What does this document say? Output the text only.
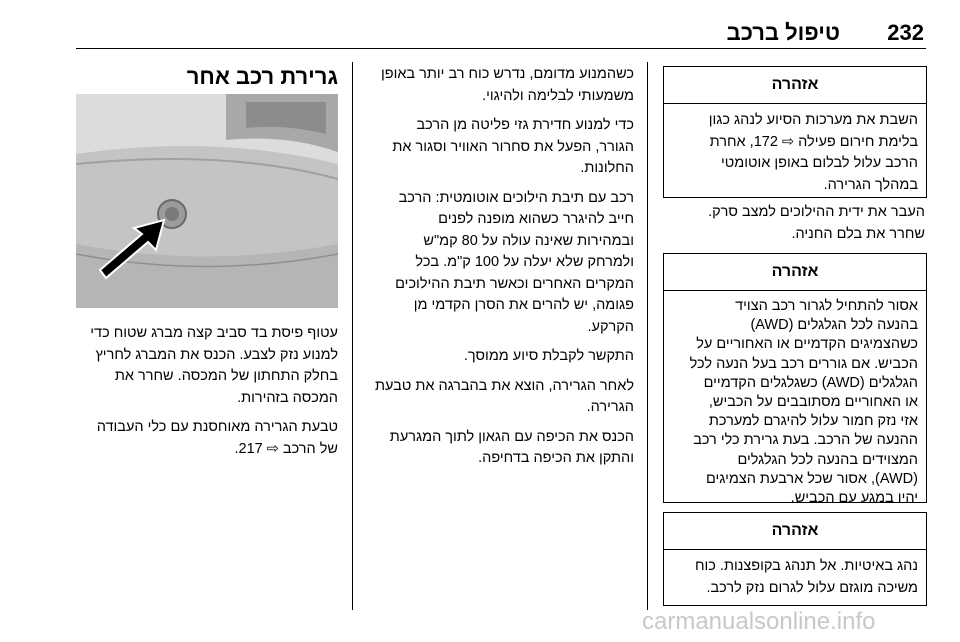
232
טיפול ברכב
אזהרה
השבת את מערכות הסיוע לנהג כגון
בלימת חירום פעילה ⇨ 172, אחרת
הרכב עלול לבלום באופן אוטומטי
במהלך הגרירה.
העבר את ידית ההילוכים למצב סרק.
שחרר את בלם החניה.
אזהרה
אסור להתחיל לגרור רכב הצויד
בהנעה לכל הגלגלים (AWD)
כשהצמיגים הקדמיים או האחוריים על
הכביש. אם גוררים רכב בעל הנעה לכל
הגלגלים (AWD) כשגלגלים הקדמיים
או האחוריים מסתובבים על הכביש,
אזי נזק חמור עלול להיגרם למערכת
ההנעה של הרכב. בעת גרירת כלי רכב
המצוידים בהנעה לכל הגלגלים
(AWD), אסור שכל ארבעת הצמיגים
יהיו במגע עם הכביש.
אזהרה
נהג באיטיות. אל תנהג בקופצנות. כוח
משיכה מוגזם עלול לגרום נזק לרכב.
כשהמנוע מדומם, נדרש כוח רב יותר באופן
משמעותי לבלימה ולהיגוי.
כדי למנוע חדירת גזי פליטה מן הרכב
הגורר, הפעל את סחרור האוויר וסגור את
החלונות.
רכב עם תיבת הילוכים אוטומטית: הרכב
חייב להיגרר כשהוא מופנה לפנים
ובמהירות שאינה עולה על 80 קמ"ש
ולמרחק שלא יעלה על 100 ק"מ. בכל
המקרים האחרים וכאשר תיבת ההילוכים
פגומה, יש להרים את הסרן הקדמי מן
הקרקע.
התקשר לקבלת סיוע ממוסך.
לאחר הגרירה, הוצא את בהברגה את טבעת
הגרירה.
הכנס את הכיפה עם הגאון לתוך המגרעת
והתקן את הכיפה בדחיפה.
גרירת רכב אחר
עטוף פיסת בד סביב קצה מברג שטוח כדי
למנוע נזק לצבע. הכנס את המברג לחריץ
בחלק התחתון של המכסה. שחרר את
המכסה בזהירות.
טבעת הגרירה מאוחסנת עם כלי העבודה
של הרכב ⇨ 217.
carmanualsonline.info
